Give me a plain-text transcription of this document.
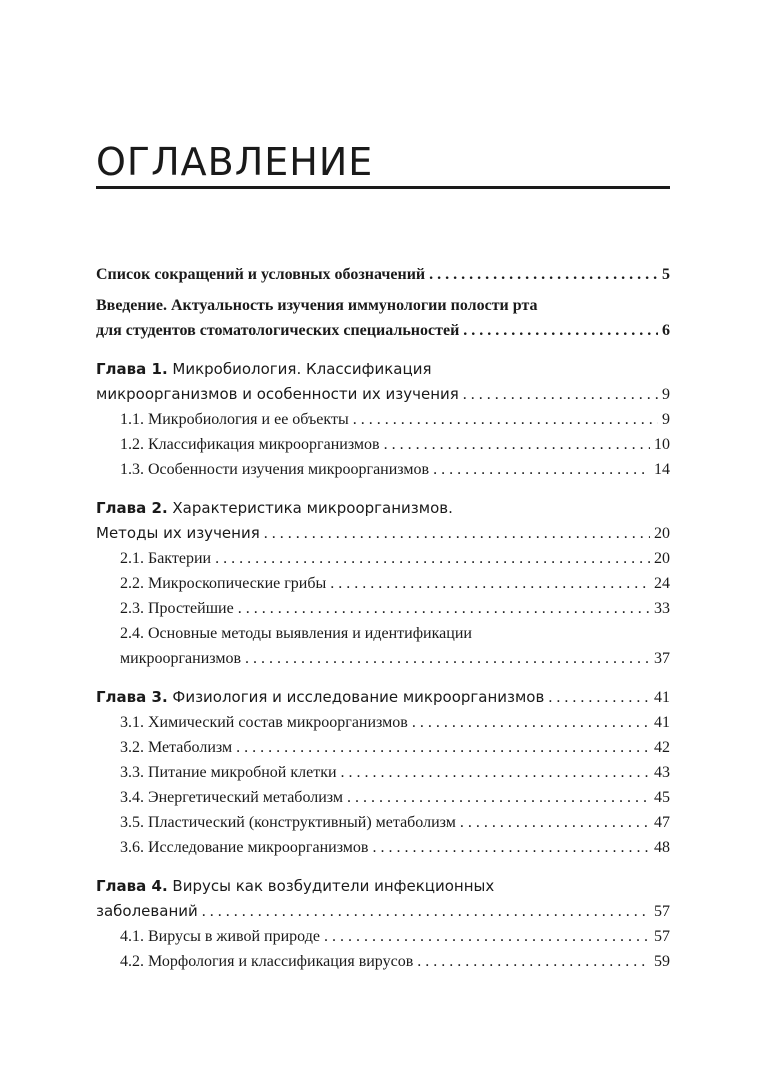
ОГЛАВЛЕНИЕ
Список сокращений и условных обозначений . . .	5
Введение. Актуальность изучения иммунологии полости рта
для студентов стоматологических специальностей . . .	6
Глава 1. Микробиология. Классификация
микроорганизмов и особенности их изучения . . .	9
1.1. Микробиология и ее объекты . . .	9
1.2. Классификация микроорганизмов . . .	10
1.3. Особенности изучения микроорганизмов . . .	14
Глава 2. Характеристика микроорганизмов.
Методы их изучения . . .	20
2.1. Бактерии . . .	20
2.2. Микроскопические грибы . . .	24
2.3. Простейшие . . .	33
2.4. Основные методы выявления и идентификации
микроорганизмов . . .	37
Глава 3. Физиология и исследование микроорганизмов . . .	41
3.1. Химический состав микроорганизмов . . .	41
3.2. Метаболизм . . .	42
3.3. Питание микробной клетки . . .	43
3.4. Энергетический метаболизм . . .	45
3.5. Пластический (конструктивный) метаболизм . . .	47
3.6. Исследование микроорганизмов . . .	48
Глава 4. Вирусы как возбудители инфекционных
заболеваний . . .	57
4.1. Вирусы в живой природе . . .	57
4.2. Морфология и классификация вирусов . . .	59
